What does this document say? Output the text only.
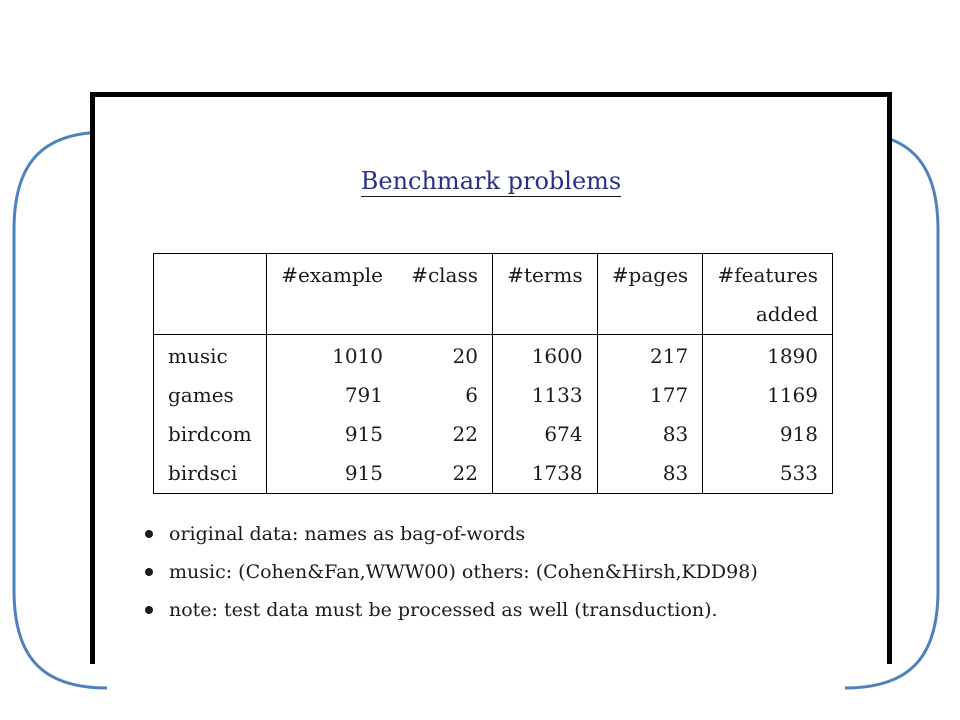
Benchmark problems
	#example	#class	#terms	#pages	#features
					added
music	1010	20	1600	217	1890
games	791	6	1133	177	1169
birdcom	915	22	674	83	918
birdsci	915	22	1738	83	533
original data: names as bag-of-words
music: (Cohen&Fan,WWW00) others: (Cohen&Hirsh,KDD98)
note: test data must be processed as well (transduction).
